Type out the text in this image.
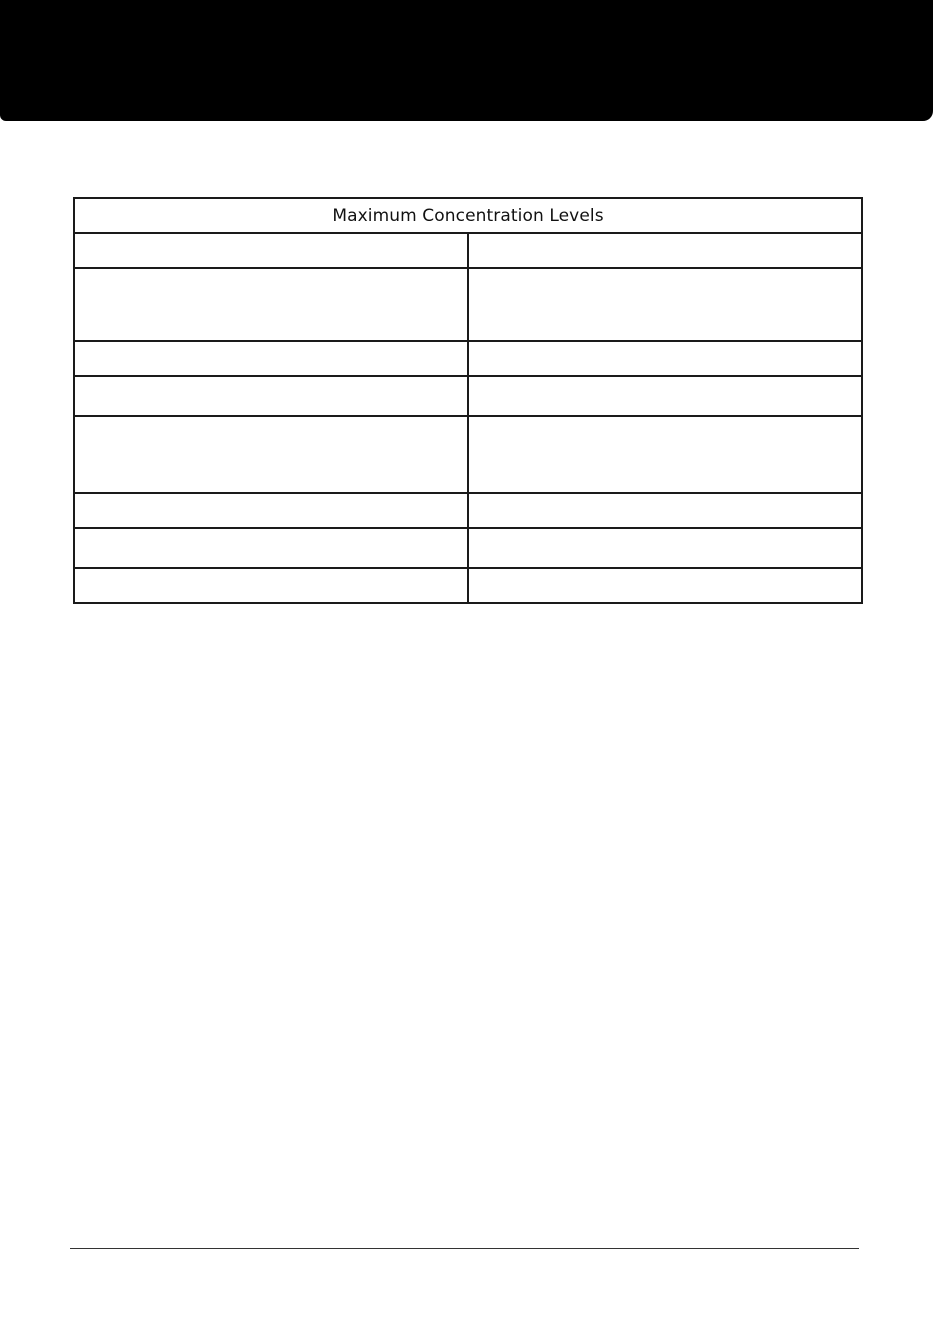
Maximum Concentration Levels	
